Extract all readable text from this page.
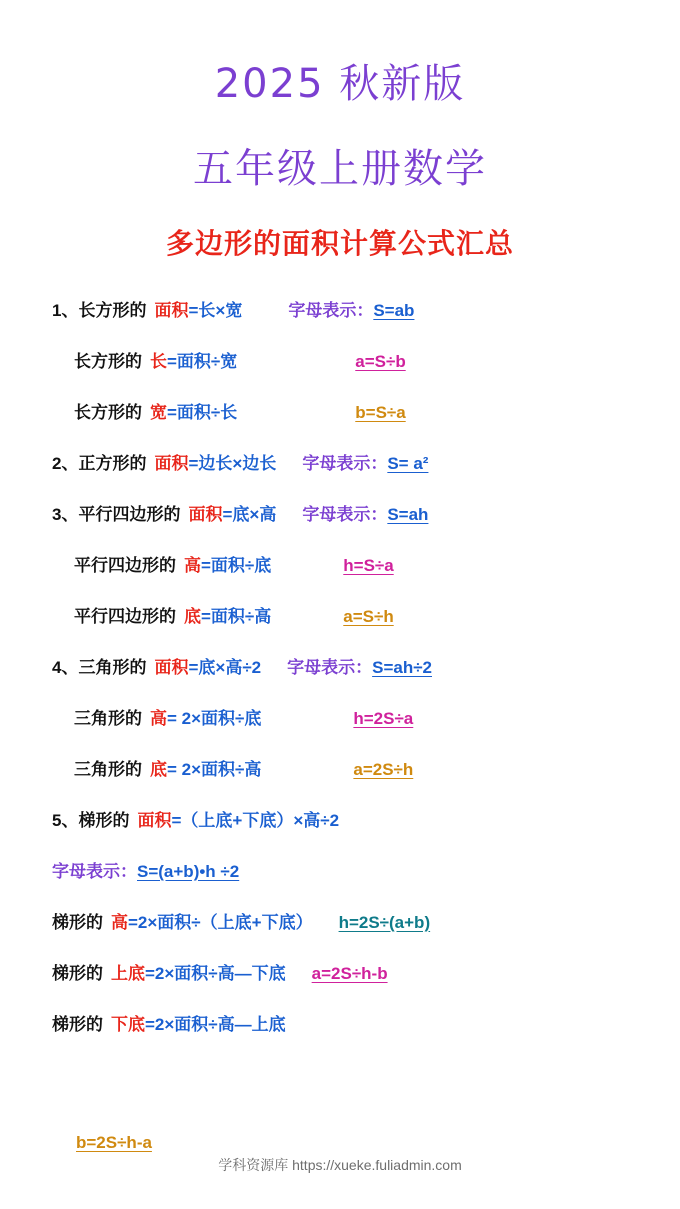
2025 秋新版
五年级上册数学
多边形的面积计算公式汇总
1、 长方形的 面积 =长×宽	字母表示： S=ab
长方形的 长 =面积÷宽	a=S÷b
长方形的 宽 =面积÷长	b=S÷a
2、 正方形的 面积 =边长×边长 字母表示： S= a²
3、 平行四边形的 面积 =底×高 字母表示： S=ah
平行四边形的 高 =面积÷底	h=S÷a
平行四边形的 底 =面积÷高	a=S÷h
4、 三角形的 面积 =底×高÷2 字母表示： S=ah÷2
三角形的 高 = 2×面积÷底	h=2S÷a
三角形的 底 = 2×面积÷高	a=2S÷h
5、 梯形的 面积 =（上底+下底）×高÷2
字母表示： S=(a+b)•h ÷2
梯形的 高 =2×面积÷（上底+下底） h=2S÷(a+b)
梯形的 上底 =2×面积÷高—下底 a=2S÷h-b
梯形的 下底 =2×面积÷高—上底
b=2S÷h-a
学科资源库 https://xueke.fuliadmin.com
